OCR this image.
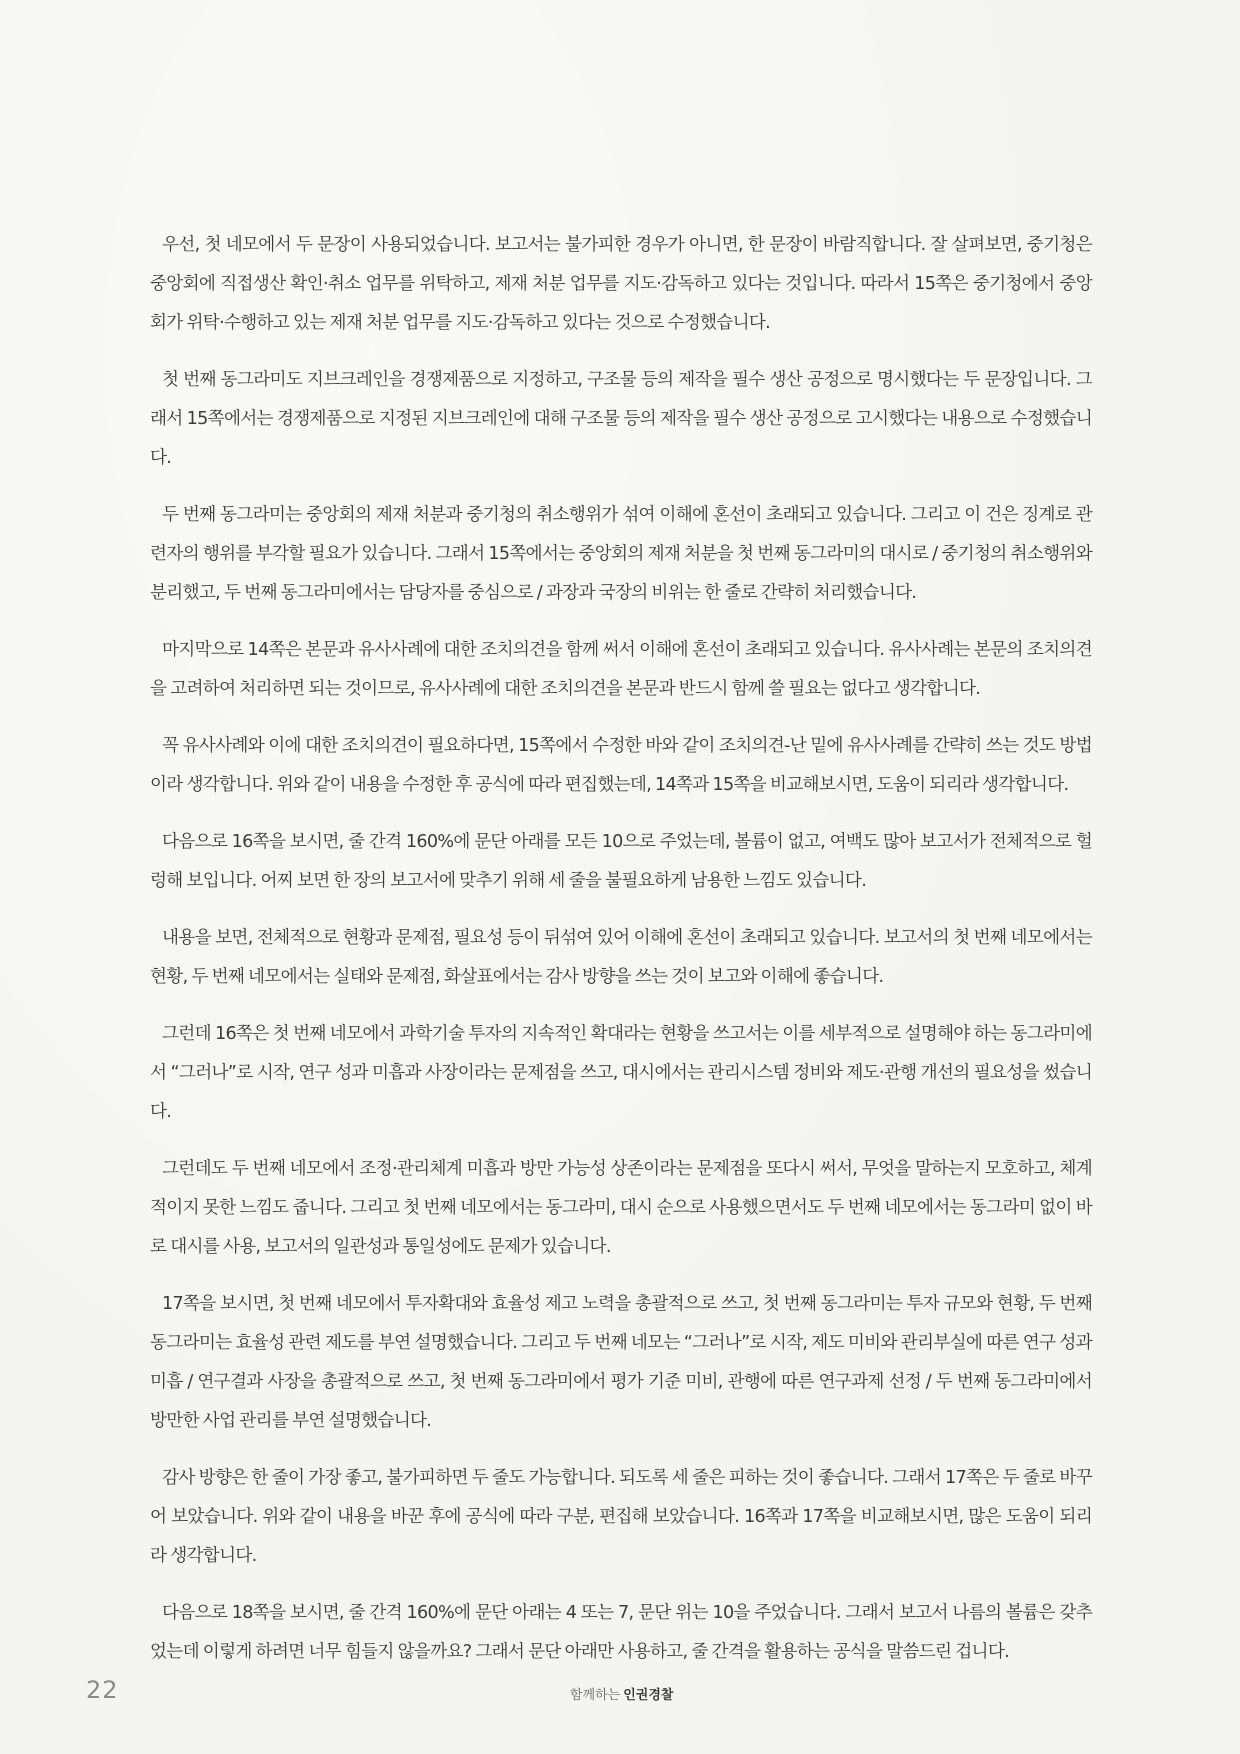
우선, 첫 네모에서 두 문장이 사용되었습니다. 보고서는 불가피한 경우가 아니면, 한 문장이 바람직합니다. 잘 살펴보면, 중기청은 중앙회에 직접생산 확인·취소 업무를 위탁하고, 제재 처분 업무를 지도·감독하고 있다는 것입니다. 따라서 15쪽은 중기청에서 중앙회가 위탁·수행하고 있는 제재 처분 업무를 지도·감독하고 있다는 것으로 수정했습니다.

첫 번째 동그라미도 지브크레인을 경쟁제품으로 지정하고, 구조물 등의 제작을 필수 생산 공정으로 명시했다는 두 문장입니다. 그래서 15쪽에서는 경쟁제품으로 지정된 지브크레인에 대해 구조물 등의 제작을 필수 생산 공정으로 고시했다는 내용으로 수정했습니다.

두 번째 동그라미는 중앙회의 제재 처분과 중기청의 취소행위가 섞여 이해에 혼선이 초래되고 있습니다. 그리고 이 건은 징계로 관련자의 행위를 부각할 필요가 있습니다. 그래서 15쪽에서는 중앙회의 제재 처분을 첫 번째 동그라미의 대시로 / 중기청의 취소행위와 분리했고, 두 번째 동그라미에서는 담당자를 중심으로 / 과장과 국장의 비위는 한 줄로 간략히 처리했습니다.

마지막으로 14쪽은 본문과 유사사례에 대한 조치의견을 함께 써서 이해에 혼선이 초래되고 있습니다. 유사사례는 본문의 조치의견을 고려하여 처리하면 되는 것이므로, 유사사례에 대한 조치의견을 본문과 반드시 함께 쓸 필요는 없다고 생각합니다.

꼭 유사사례와 이에 대한 조치의견이 필요하다면, 15쪽에서 수정한 바와 같이 조치의견-난 밑에 유사사례를 간략히 쓰는 것도 방법이라 생각합니다. 위와 같이 내용을 수정한 후 공식에 따라 편집했는데, 14쪽과 15쪽을 비교해보시면, 도움이 되리라 생각합니다.

다음으로 16쪽을 보시면, 줄 간격 160%에 문단 아래를 모든 10으로 주었는데, 볼륨이 없고, 여백도 많아 보고서가 전체적으로 헐렁해 보입니다. 어찌 보면 한 장의 보고서에 맞추기 위해 세 줄을 불필요하게 남용한 느낌도 있습니다.

내용을 보면, 전체적으로 현황과 문제점, 필요성 등이 뒤섞여 있어 이해에 혼선이 초래되고 있습니다. 보고서의 첫 번째 네모에서는 현황, 두 번째 네모에서는 실태와 문제점, 화살표에서는 감사 방향을 쓰는 것이 보고와 이해에 좋습니다.

그런데 16쪽은 첫 번째 네모에서 과학기술 투자의 지속적인 확대라는 현황을 쓰고서는 이를 세부적으로 설명해야 하는 동그라미에서 “그러나”로 시작, 연구 성과 미흡과 사장이라는 문제점을 쓰고, 대시에서는 관리시스템 정비와 제도·관행 개선의 필요성을 썼습니다.

그런데도 두 번째 네모에서 조정·관리체계 미흡과 방만 가능성 상존이라는 문제점을 또다시 써서, 무엇을 말하는지 모호하고, 체계적이지 못한 느낌도 줍니다. 그리고 첫 번째 네모에서는 동그라미, 대시 순으로 사용했으면서도 두 번째 네모에서는 동그라미 없이 바로 대시를 사용, 보고서의 일관성과 통일성에도 문제가 있습니다.

17쪽을 보시면, 첫 번째 네모에서 투자확대와 효율성 제고 노력을 총괄적으로 쓰고, 첫 번째 동그라미는 투자 규모와 현황, 두 번째 동그라미는 효율성 관련 제도를 부연 설명했습니다. 그리고 두 번째 네모는 “그러나”로 시작, 제도 미비와 관리부실에 따른 연구 성과 미흡 / 연구결과 사장을 총괄적으로 쓰고, 첫 번째 동그라미에서 평가 기준 미비, 관행에 따른 연구과제 선정 / 두 번째 동그라미에서 방만한 사업 관리를 부연 설명했습니다.

감사 방향은 한 줄이 가장 좋고, 불가피하면 두 줄도 가능합니다. 되도록 세 줄은 피하는 것이 좋습니다. 그래서 17쪽은 두 줄로 바꾸어 보았습니다. 위와 같이 내용을 바꾼 후에 공식에 따라 구분, 편집해 보았습니다. 16쪽과 17쪽을 비교해보시면, 많은 도움이 되리라 생각합니다.

다음으로 18쪽을 보시면, 줄 간격 160%에 문단 아래는 4 또는 7, 문단 위는 10을 주었습니다. 그래서 보고서 나름의 볼륨은 갖추었는데 이렇게 하려면 너무 힘들지 않을까요? 그래서 문단 아래만 사용하고, 줄 간격을 활용하는 공식을 말씀드린 겁니다.

22	함께하는 인권경찰
